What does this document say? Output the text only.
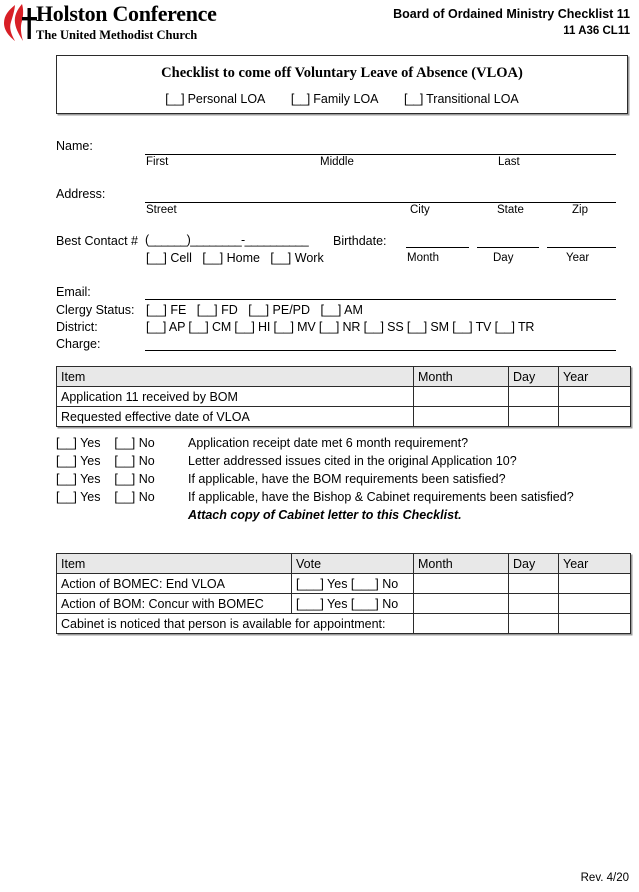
Holston Conference
The United Methodist Church
Board of Ordained Ministry Checklist 11
11 A36 CL11
Checklist to come off Voluntary Leave of Absence (VLOA)
[__] Personal LOA [__] Family LOA [__] Transitional LOA
Name:
First	Middle	Last
Address:
Street	City	State	Zip
Best Contact # (______)________-__________
[__] Cell [__] Home [__] Work
Birthdate:
Month	Day	Year
Email:
Clergy Status: [__] FE [__] FD [__] PE/PD [__] AM
District:	[__] AP [__] CM [__] HI [__] MV [__] NR [__] SS [__] SM [__] TV [__] TR
Charge:
Item	Month	Day	Year
Application 11 received by BOM			
Requested effective date of VLOA			
[__] Yes [__] No	Application receipt date met 6 month requirement?
[__] Yes [__] No	Letter addressed issues cited in the original Application 10?
[__] Yes [__] No	If applicable, have the BOM requirements been satisfied?
[__] Yes [__] No	If applicable, have the Bishop & Cabinet requirements been satisfied?
Attach copy of Cabinet letter to this Checklist.
Item	Vote	Month	Day	Year
Action of BOMEC: End VLOA	[___] Yes [___] No			
Action of BOM: Concur with BOMEC	[___] Yes [___] No			
Cabinet is noticed that person is available for appointment:				
Rev. 4/20
